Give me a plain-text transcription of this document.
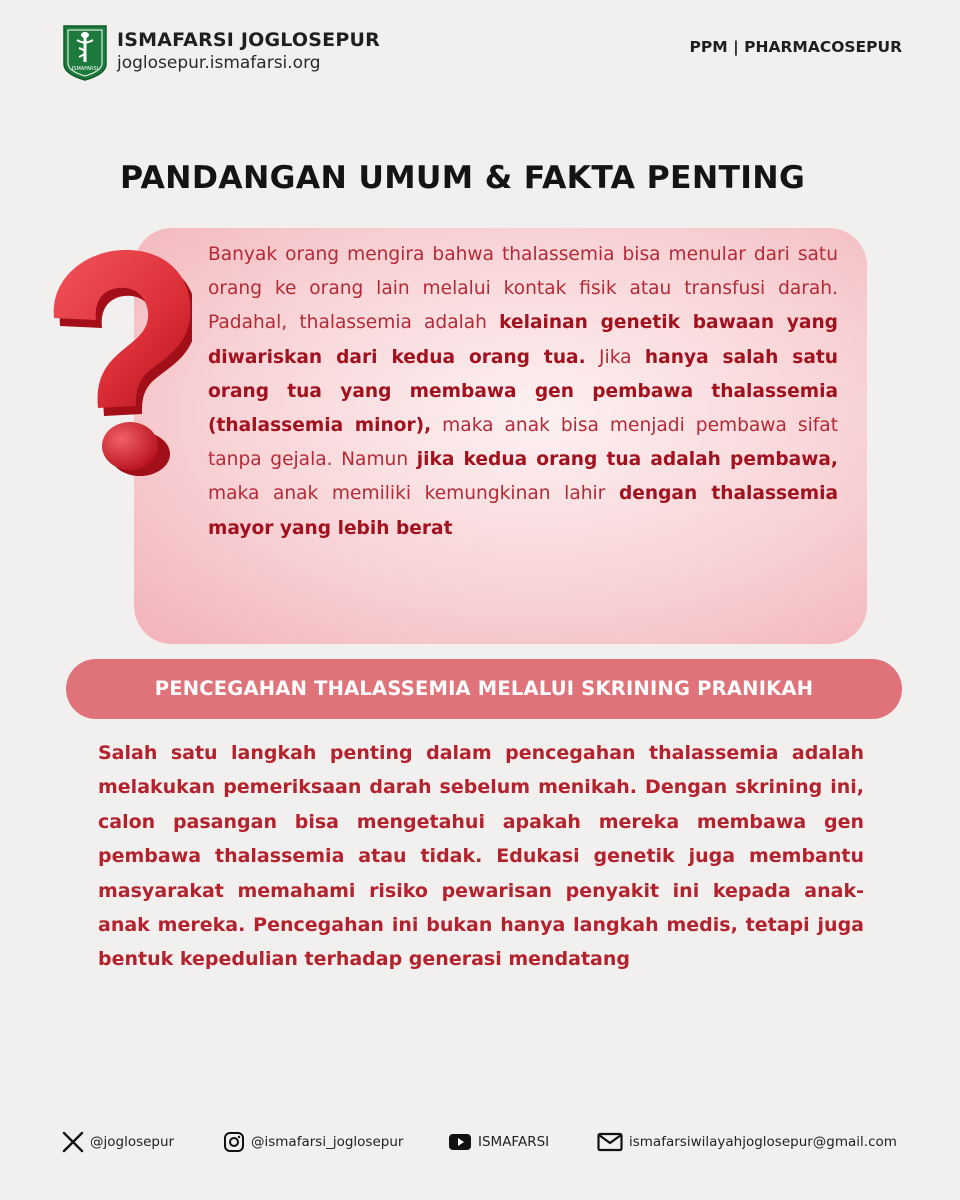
ISMAFARSI
ISMAFARSI JOGLOSEPUR
joglosepur.ismafarsi.org
PPM | PHARMACOSEPUR
PANDANGAN UMUM & FAKTA PENTING

Banyak orang mengira bahwa thalassemia bisa menular dari satu orang ke orang lain melalui kontak fisik atau transfusi darah. Padahal, thalassemia adalah kelainan genetik bawaan yang diwariskan dari kedua orang tua. Jika hanya salah satu orang tua yang membawa gen pembawa thalassemia (thalassemia minor), maka anak bisa menjadi pembawa sifat tanpa gejala. Namun jika kedua orang tua adalah pembawa, maka anak memiliki kemungkinan lahir dengan thalassemia mayor yang lebih berat

PENCEGAHAN THALASSEMIA MELALUI SKRINING PRANIKAH

Salah satu langkah penting dalam pencegahan thalassemia adalah melakukan pemeriksaan darah sebelum menikah. Dengan skrining ini, calon pasangan bisa mengetahui apakah mereka membawa gen pembawa thalassemia atau tidak. Edukasi genetik juga membantu masyarakat memahami risiko pewarisan penyakit ini kepada anak-anak mereka. Pencegahan ini bukan hanya langkah medis, tetapi juga bentuk kepedulian terhadap generasi mendatang

@joglosepur	@ismafarsi_joglosepur	ISMAFARSI	ismafarsiwilayahjoglosepur@gmail.com
